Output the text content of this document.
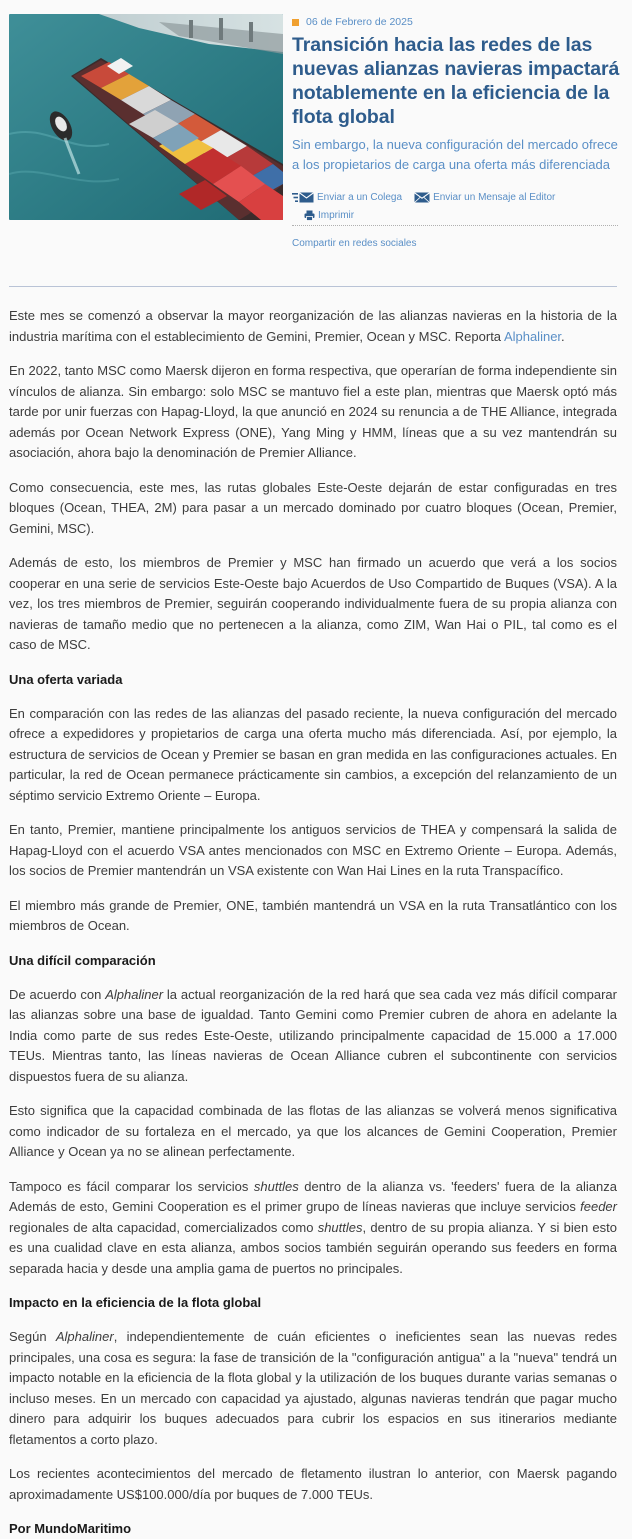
06 de Febrero de 2025
Transición hacia las redes de las nuevas alianzas navieras impactará notablemente en la eficiencia de la flota global

Sin embargo, la nueva configuración del mercado ofrece a los propietarios de carga una oferta más diferenciada

Enviar a un Colega	Enviar un Mensaje al Editor
Imprimir
Compartir en redes sociales

Este mes se comenzó a observar la mayor reorganización de las alianzas navieras en la historia de la industria marítima con el establecimiento de Gemini, Premier, Ocean y MSC. Reporta Alphaliner.

En 2022, tanto MSC como Maersk dijeron en forma respectiva, que operarían de forma independiente sin vínculos de alianza. Sin embargo: solo MSC se mantuvo fiel a este plan, mientras que Maersk optó más tarde por unir fuerzas con Hapag-Lloyd, la que anunció en 2024 su renuncia a de THE Alliance, integrada además por Ocean Network Express (ONE), Yang Ming y HMM, líneas que a su vez mantendrán su asociación, ahora bajo la denominación de Premier Alliance.

Como consecuencia, este mes, las rutas globales Este-Oeste dejarán de estar configuradas en tres bloques (Ocean, THEA, 2M) para pasar a un mercado dominado por cuatro bloques (Ocean, Premier, Gemini, MSC).

Además de esto, los miembros de Premier y MSC han firmado un acuerdo que verá a los socios cooperar en una serie de servicios Este-Oeste bajo Acuerdos de Uso Compartido de Buques (VSA). A la vez, los tres miembros de Premier, seguirán cooperando individualmente fuera de su propia alianza con navieras de tamaño medio que no pertenecen a la alianza, como ZIM, Wan Hai o PIL, tal como es el caso de MSC.

Una oferta variada

En comparación con las redes de las alianzas del pasado reciente, la nueva configuración del mercado ofrece a expedidores y propietarios de carga una oferta mucho más diferenciada. Así, por ejemplo, la estructura de servicios de Ocean y Premier se basan en gran medida en las configuraciones actuales. En particular, la red de Ocean permanece prácticamente sin cambios, a excepción del relanzamiento de un séptimo servicio Extremo Oriente – Europa.

En tanto, Premier, mantiene principalmente los antiguos servicios de THEA y compensará la salida de Hapag-Lloyd con el acuerdo VSA antes mencionados con MSC en Extremo Oriente – Europa. Además, los socios de Premier mantendrán un VSA existente con Wan Hai Lines en la ruta Transpacífico.

El miembro más grande de Premier, ONE, también mantendrá un VSA en la ruta Transatlántico con los miembros de Ocean.

Una difícil comparación

De acuerdo con Alphaliner la actual reorganización de la red hará que sea cada vez más difícil comparar las alianzas sobre una base de igualdad. Tanto Gemini como Premier cubren de ahora en adelante la India como parte de sus redes Este-Oeste, utilizando principalmente capacidad de 15.000 a 17.000 TEUs. Mientras tanto, las líneas navieras de Ocean Alliance cubren el subcontinente con servicios dispuestos fuera de su alianza.

Esto significa que la capacidad combinada de las flotas de las alianzas se volverá menos significativa como indicador de su fortaleza en el mercado, ya que los alcances de Gemini Cooperation, Premier Alliance y Ocean ya no se alinean perfectamente.

Tampoco es fácil comparar los servicios shuttles dentro de la alianza vs. 'feeders' fuera de la alianza Además de esto, Gemini Cooperation es el primer grupo de líneas navieras que incluye servicios feeder regionales de alta capacidad, comercializados como shuttles, dentro de su propia alianza. Y si bien esto es una cualidad clave en esta alianza, ambos socios también seguirán operando sus feeders en forma separada hacia y desde una amplia gama de puertos no principales.

Impacto en la eficiencia de la flota global

Según Alphaliner, independientemente de cuán eficientes o ineficientes sean las nuevas redes principales, una cosa es segura: la fase de transición de la "configuración antigua" a la "nueva" tendrá un impacto notable en la eficiencia de la flota global y la utilización de los buques durante varias semanas o incluso meses. En un mercado con capacidad ya ajustado, algunas navieras tendrán que pagar mucho dinero para adquirir los buques adecuados para cubrir los espacios en sus itinerarios mediante fletamentos a corto plazo.

Los recientes acontecimientos del mercado de fletamento ilustran lo anterior, con Maersk pagando aproximadamente US$100.000/día por buques de 7.000 TEUs.

Por MundoMaritimo
